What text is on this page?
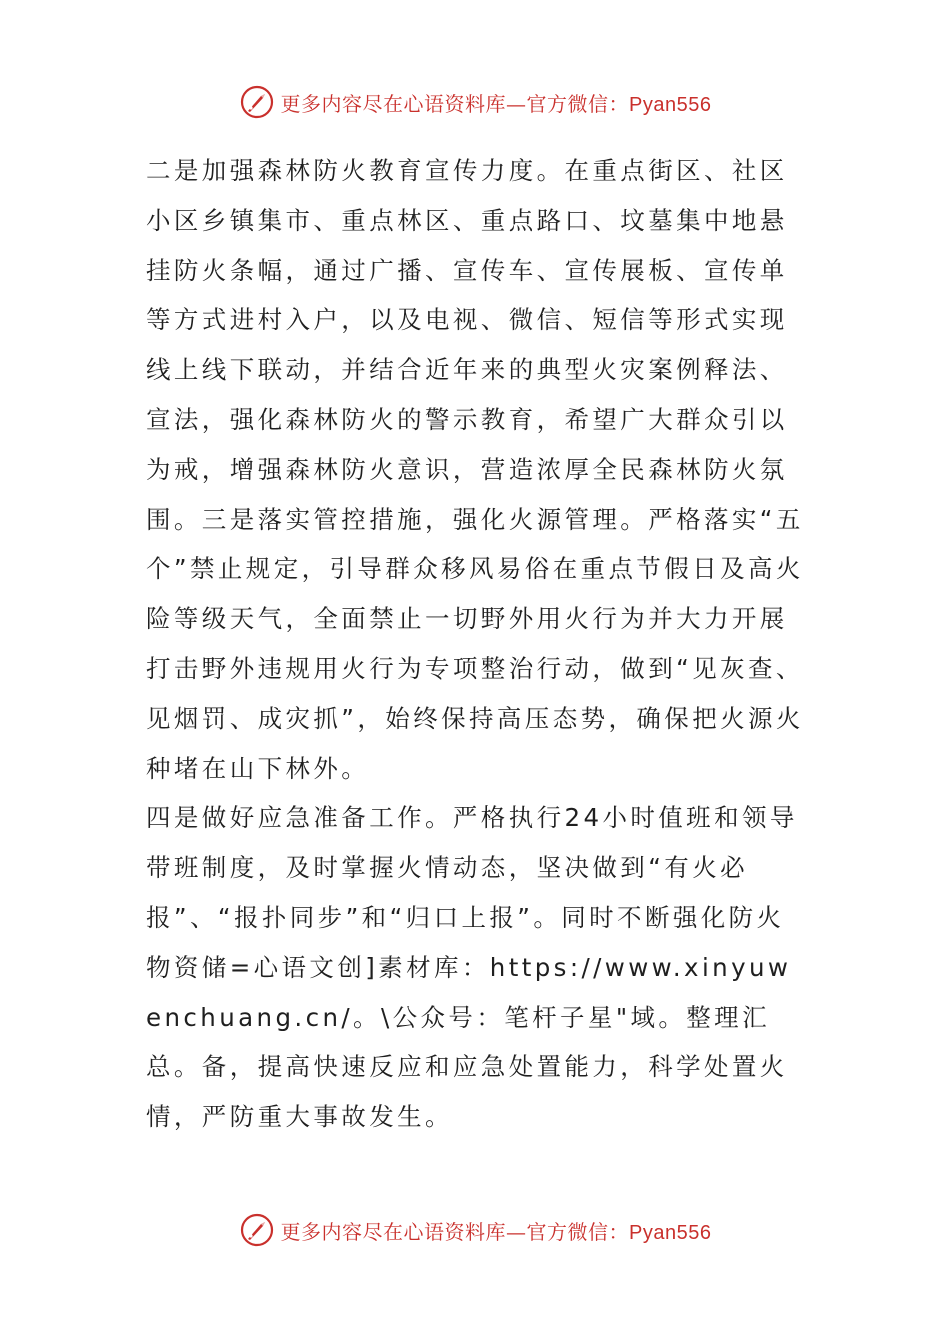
更多内容尽在心语资料库—官方微信：Pyan556

二是加强森林防火教育宣传力度。在重点街区、社区小区乡镇集市、重点林区、重点路口、坟墓集中地悬挂防火条幅，通过广播、宣传车、宣传展板、宣传单等方式进村入户，以及电视、微信、短信等形式实现线上线下联动，并结合近年来的典型火灾案例释法、宣法，强化森林防火的警示教育，希望广大群众引以为戒，增强森林防火意识，营造浓厚全民森林防火氛围。三是落实管控措施，强化火源管理。严格落实“五个”禁止规定，引导群众移风易俗在重点节假日及高火险等级天气，全面禁止一切野外用火行为并大力开展打击野外违规用火行为专项整治行动，做到“见灰查、见烟罚、成灾抓”，始终保持高压态势，确保把火源火种堵在山下林外。

四是做好应急准备工作。严格执行24小时值班和领导带班制度，及时掌握火情动态，坚决做到“有火必报”、“报扑同步”和“归口上报”。同时不断强化防火物资储=心语文创]素材库：https://www.xinyuwenchuang.cn/。\公众号：笔杆子星"域。整理汇总。备，提高快速反应和应急处置能力，科学处置火情，严防重大事故发生。

更多内容尽在心语资料库—官方微信：Pyan556
